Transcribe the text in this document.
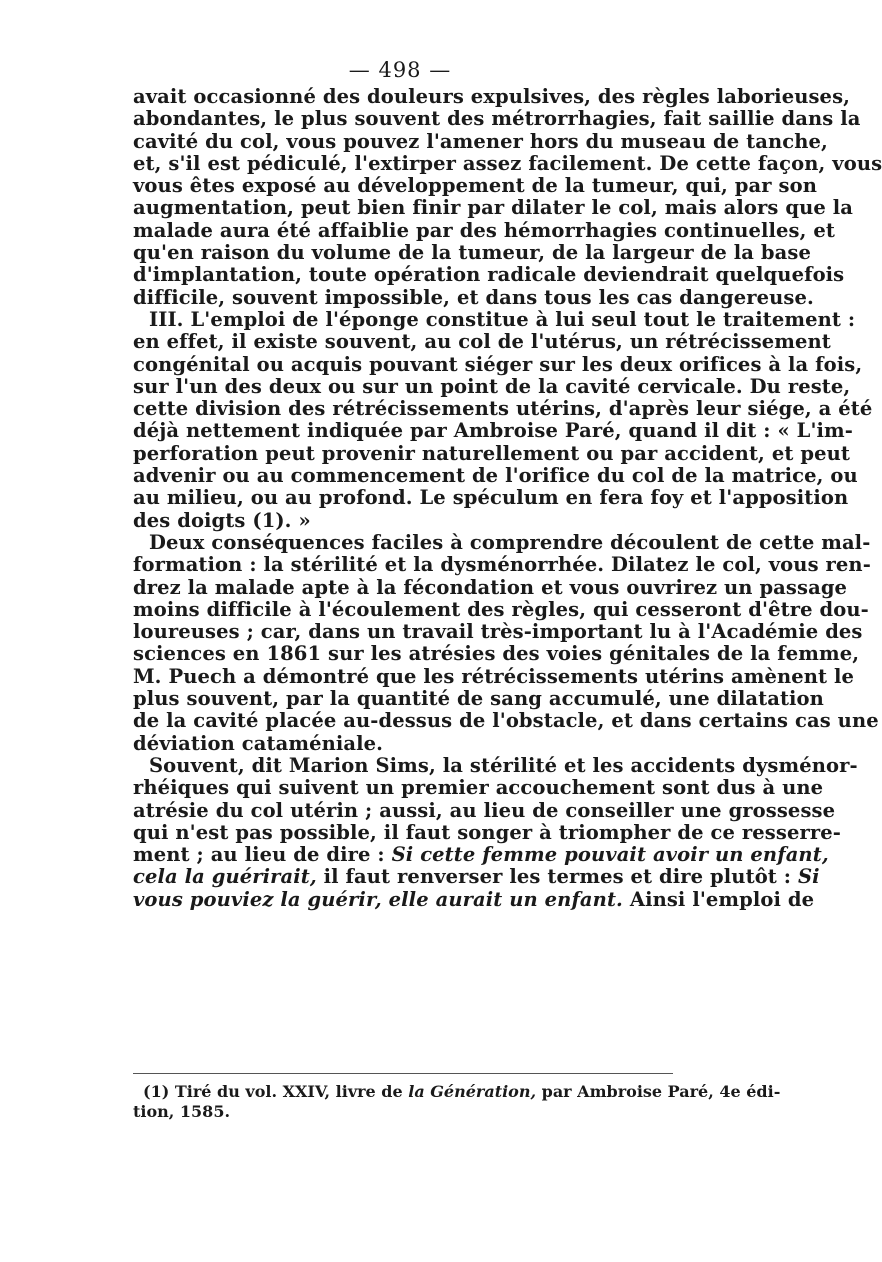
— 498 —
avait occasionné des douleurs expulsives, des règles laborieuses,
abondantes, le plus souvent des métrorrhagies, fait saillie dans la
cavité du col, vous pouvez l'amener hors du museau de tanche,
et, s'il est pédiculé, l'extirper assez facilement. De cette façon, vous
vous êtes exposé au développement de la tumeur, qui, par son
augmentation, peut bien finir par dilater le col, mais alors que la
malade aura été affaiblie par des hémorrhagies continuelles, et
qu'en raison du volume de la tumeur, de la largeur de la base
d'implantation, toute opération radicale deviendrait quelquefois
difficile, souvent impossible, et dans tous les cas dangereuse.
III. L'emploi de l'éponge constitue à lui seul tout le traitement :
en effet, il existe souvent, au col de l'utérus, un rétrécissement
congénital ou acquis pouvant siéger sur les deux orifices à la fois,
sur l'un des deux ou sur un point de la cavité cervicale. Du reste,
cette division des rétrécissements utérins, d'après leur siége, a été
déjà nettement indiquée par Ambroise Paré, quand il dit : « L'im-
perforation peut provenir naturellement ou par accident, et peut
advenir ou au commencement de l'orifice du col de la matrice, ou
au milieu, ou au profond. Le spéculum en fera foy et l'apposition
des doigts (1). »
Deux conséquences faciles à comprendre découlent de cette mal-
formation : la stérilité et la dysménorrhée. Dilatez le col, vous ren-
drez la malade apte à la fécondation et vous ouvrirez un passage
moins difficile à l'écoulement des règles, qui cesseront d'être dou-
loureuses ; car, dans un travail très-important lu à l'Académie des
sciences en 1861 sur les atrésies des voies génitales de la femme,
M. Puech a démontré que les rétrécissements utérins amènent le
plus souvent, par la quantité de sang accumulé, une dilatation
de la cavité placée au-dessus de l'obstacle, et dans certains cas une
déviation cataméniale.
Souvent, dit Marion Sims, la stérilité et les accidents dysménor-
rhéiques qui suivent un premier accouchement sont dus à une
atrésie du col utérin ; aussi, au lieu de conseiller une grossesse
qui n'est pas possible, il faut songer à triompher de ce resserre-
ment ; au lieu de dire : Si cette femme pouvait avoir un enfant,
cela la guérirait, il faut renverser les termes et dire plutôt : Si
vous pouviez la guérir, elle aurait un enfant. Ainsi l'emploi de
(1) Tiré du vol. XXIV, livre de la Génération, par Ambroise Paré, 4e édi-
tion, 1585.
